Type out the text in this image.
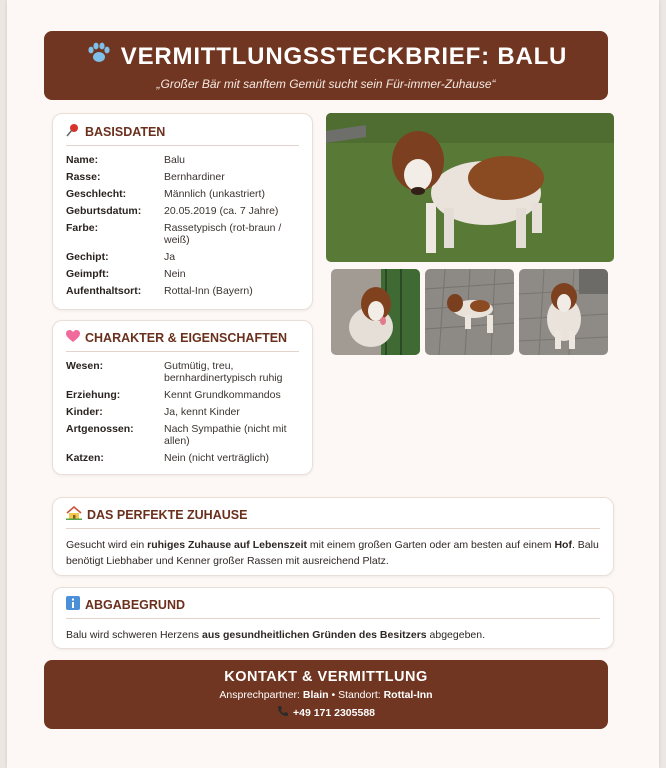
VERMITTLUNGSSTECKBRIEF: BALU
„Großer Bär mit sanftem Gemüt sucht sein Für-immer-Zuhause“
BASISDATEN
Name:	Balu
Rasse:	Bernhardiner
Geschlecht:	Männlich (unkastriert)
Geburtsdatum:	20.05.2019 (ca. 7 Jahre)
Farbe:	Rassetypisch (rot-braun / weiß)
Gechipt:	Ja
Geimpft:	Nein
Aufenthaltsort:	Rottal-Inn (Bayern)
CHARAKTER & EIGENSCHAFTEN
Wesen:	Gutmütig, treu, bernhardinertypisch ruhig
Erziehung:	Kennt Grundkommandos
Kinder:	Ja, kennt Kinder
Artgenossen:	Nach Sympathie (nicht mit allen)
Katzen:	Nein (nicht verträglich)
DAS PERFEKTE ZUHAUSE
Gesucht wird ein ruhiges Zuhause auf Lebenszeit mit einem großen Garten oder am besten auf einem Hof. Balu benötigt Liebhaber und Kenner großer Rassen mit ausreichend Platz.
ABGABEGRUND
Balu wird schweren Herzens aus gesundheitlichen Gründen des Besitzers abgegeben.
KONTAKT & VERMITTLUNG
Ansprechpartner: Blain • Standort: Rottal-Inn
+49 171 2305588
